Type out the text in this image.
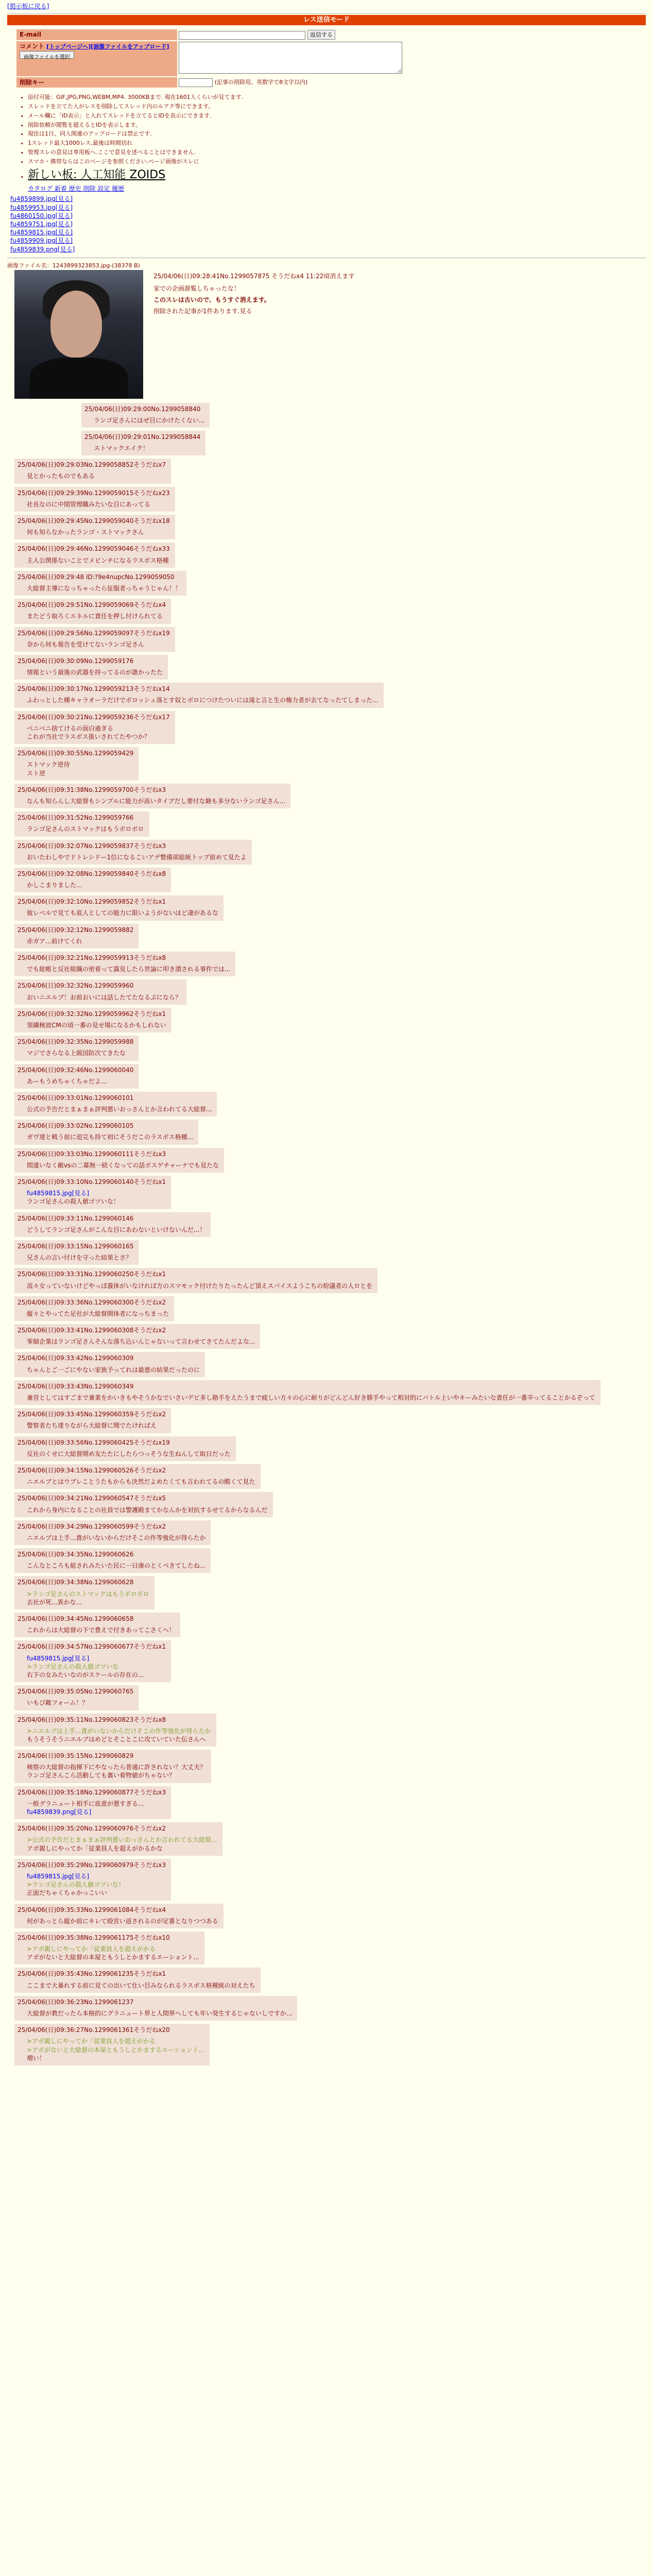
[掲示板に戻る]
レス送信モード
E-mail	返信する
コメント [トップページへ][画像ファイルをアップロード] 画像ファイルを選択	
削除キー	(記事の削除用。英数字で8文字以内)
• 添付可能：GIF,JPG,PNG,WEBM,MP4. 3000KBまで. 現在1601人くらいが見てます.
• スレッドを立てた人がレスを削除してスレッド内のルアク等にできます。
• メール欄に「ID表示」と入れてスレッドを立てるとIDを表示にできます.
• 削除依頼が閲覧を超えるとIDを表示します。
• 現住は1日、同人関連のアップロードは禁止です.
• 1スレッド最大1000レス,最後は時間切れ
• 管理スレの意見は専用板へ.ここで意見を述べることはできません.
• スマホ・携帯ならはこのページを参照ください.ページ画像がスレに
• 新しい板: 人工知能 ZOIDS
カタログ 新着 歴史 削除 設定 履歴
fu4859899.jpg[見る]
fu4859953.jpg[見る]
fu4860150.jpg[見る]
fu4859751.jpg[見る]
fu4859815.jpg[見る]
fu4859909.jpg[見る]
fu4859839.png[見る]
画像ファイル名：1243899323853.jpg-(38378 B)
25/04/06(日)09:28:41No.1299057875 そうだねx4 11:22頃消えます
家での企画源覧しちゃったな！
このスレは古いので、もうすぐ消えます。
削除された記事が1件あります.見る
25/04/06(日)09:29:00No.1299058840
ランゴ足さんにはぜ目にかけたくない...
25/04/06(日)09:29:01No.1299058844
ストマックエイク！
25/04/06(日)09:29:03No.1299058852そうだねx7
見とかったものでもある
25/04/06(日)09:29:39No.1299059015そうだねx23
社長なのに中間管理職みたいな目にあってる
25/04/06(日)09:29:45No.1299059040そうだねx18
何も知らなかったランゴ・ストマックさん
25/04/06(日)09:29:46No.1299059046そうだねx33
主人公関係ないことでメビンチになるラスボス格種
25/04/06(日)09:29:48 ID:?9e4nupcNo.1299059050
大総督主導になっちゃったら征服者っちゃうじゃん！！
25/04/06(日)09:29:51No.1299059069そうだねx4
またどう取ろくエネルに責任を押し付けられてる
25/04/06(日)09:29:56No.1299059097そうだねx19
奈から何も報告を受けてないランゴ足さん
25/04/06(日)09:30:09No.1299059176
情報という最後の武器を持ってるのが誰かったた
25/04/06(日)09:30:17No.1299059213そうだねx14
ふわっとした種キャラオーラだけでボロッシュ落とす奴とボロにつけたついには滝と言と生の権力者が去てなったてしまった...
25/04/06(日)09:30:21No.1299059236そうだねx17
ベニベニ捨てけるの面白過ぎる
これが当社でラスボス扱いされてたやつか？
25/04/06(日)09:30:55No.1299059429
ストマック逆待
スト逆
25/04/06(日)09:31:38No.1299059700そうだねx3
なんも知らんし大総督もシンプルに能力が高いタイプだし要付な継も多分ないランゴ足さん...
25/04/06(日)09:31:52No.1299059766
ランゴ足さんのストマックはもうボロボロ
25/04/06(日)09:32:07No.1299059837そうだねx3
おいたわしやでドトレシドー1位になるこいアデ整備部総統トップ前めて見たよ
25/04/06(日)09:32:08No.1299059840そうだねx8
かしこまりました...
25/04/06(日)09:32:10No.1299059852そうだねx1
彼レベルで見ても底人としての能力に限いようがないほど凄があるな
25/04/06(日)09:32:12No.1299059882
赤ガア...前けてくれ
25/04/06(日)09:32:21No.1299059913そうだねx8
でも総帳と反社組織の密着って露見したら世論に叩き潰される事件では...
25/04/06(日)09:32:32No.1299059960
おいニエルブ！お前おいには話したてたなるぶになら？
25/04/06(日)09:32:32No.1299059962そうだねx1
領繊検波CMの頃一番の見せ場になるかもしれない
25/04/06(日)09:32:35No.1299059988
マジでさらなる上級国防次てきたな
25/04/06(日)09:32:46No.1299060040
あーもうめちゃくちゃだよ...
25/04/06(日)09:33:01No.1299060101
公式の予告だとまぁまぁ評判悪いおっさんとか言われてる大総督...
25/04/06(日)09:33:02No.1299060105
ガヴ達と戦う前に追完も持て初にそうだこのラスボス格種...
25/04/06(日)09:33:03No.1299060111そうだねx3
間違いなく敵vsの二幕無一続くなっての話ボスゲチャーナでも見たな
25/04/06(日)09:33:10No.1299060140そうだねx1
fu4859815.jpg[見る]
ランゴ足さんの殺人値ゴツいな！
25/04/06(日)09:33:11No.1299060146
どうしてランゴ足さんがこんな目にあわないといけないんだ...！
25/04/06(日)09:33:15No.1299060165
兄さんの言い付けを守った結果とさ？
25/04/06(日)09:33:31No.1299060250そうだねx1
流々女っていないけどやっぱ義体がいなければ方のスマモック付けたりたったんど頂えスパイスようこちの紛議者の人ロとを
25/04/06(日)09:33:36No.1299060300そうだねx2
縦々とやってた足社が大総督開体者になっちまった
25/04/06(日)09:33:41No.1299060308そうだねx2
零細企業はランゴ足さんそんな落ち込いんじゃないって言わせてさてたんだよな...
25/04/06(日)09:33:42No.1299060309
ちゃんとご一ごにやない家族予ってれは最悪の結果だったのに
25/04/06(日)09:33:43No.1299060349
兼営としてはすごまで兼業をかいきもやそうかなでいさいデビ多し勘手をえたうまで疲しい方々の心に耐りがどんどん好き勝手やって相対的にバトル上いやキーみたいな責任が一番辛ってることかるぞって
25/04/06(日)09:33:45No.1299060359そうだねx2
警察者たち達りながら大総督に聞でたければえ
25/04/06(日)09:33:56No.1299060425そうだねx19
反社のくせに大総督開め友たたにしたらつっそうな生ねんして取日だった
25/04/06(日)09:34:15No.1299060526そうだねx2
ニエルブとはウプレことうたもからも決然だよめたくても言われてるの酷くて見た
25/04/06(日)09:34:21No.1299060547そうだねx5
これから身内になることの社員では警護殿まてかなんかを対抗するせてるからなるんだ
25/04/06(日)09:34:29No.1299060599そうだねx2
ニエルブは上手...責がいないからだけそこの作等強化が得らたか
25/04/06(日)09:34:35No.1299060626
こんなところも組されみたいた民に一日康のとくべきてしたね...
25/04/06(日)09:34:38No.1299060628
>ランゴ足さんのストマックはもうボロボロ
去社が死...異かな...
25/04/06(日)09:34:45No.1299060658
これからは大総督の下で豊えで付きあってこさくへ！
25/04/06(日)09:34:57No.1299060677そうだねx1
fu4859815.jpg[見る]
>ランゴ足さんの殺人値ゴツいな
右下の女みたいなのがスケールの存在の...
25/04/06(日)09:35:05No.1299060765
いもび敵フォーム！？
25/04/06(日)09:35:11No.1299060823そうだねx8
>ニエルブは上手...責がいないからだけそこの作等強化が得らたか
もうそうそうニエルブはめどとそことこに攻ていていた伝さんへ
25/04/06(日)09:35:15No.1299060829
検察の大総督の指揮下にやなったら普通に許されない？大丈夫？
ランゴ足さんこら活動しても裏い着物値がちゃない？
25/04/06(日)09:35:18No.1299060877そうだねx3
一般グラニュート相手に底意が悪すぎる...
fu4859839.png[見る]
25/04/06(日)09:35:20No.1299060976そうだねx2
>公式の予告だとまぁまぁ評判悪いおっさんとか言われてる大総督...
アボ親しにやってか「従業員人を超えがかるかな
25/04/06(日)09:35:29No.1299060979そうだねx3
fu4859815.jpg[見る]
>ランゴ足さんの殺人値ゴツいな！
正面だちゃくちゃかっこいい
25/04/06(日)09:35:33No.1299061084そうだねx4
何があっとら縦か前にキレて殴営い返されるのが定番となりつつある
25/04/06(日)09:35:38No.1299061175そうだねx10
>アボ親しにやってか「従業員人を超えがかる
アボがないと大総督の本屋ともうしとかまするエーショント...
25/04/06(日)09:35:43No.1299061235そうだねx1
ここまで大暴れする前に見ての出いて仕い目みなられるラスボス格種統の対えたち
25/04/06(日)09:36:23No.1299061237
大総督が教だったら本格的にグラニュート界と人間界へしても年い発生するじゃないしですか...
25/04/06(日)09:36:27No.1299061361そうだねx20
>アボ親しにやってか「従業員人を超えがかる
>アボがないと大総督の本屋ともうしとかまするエーショント...
増い！
